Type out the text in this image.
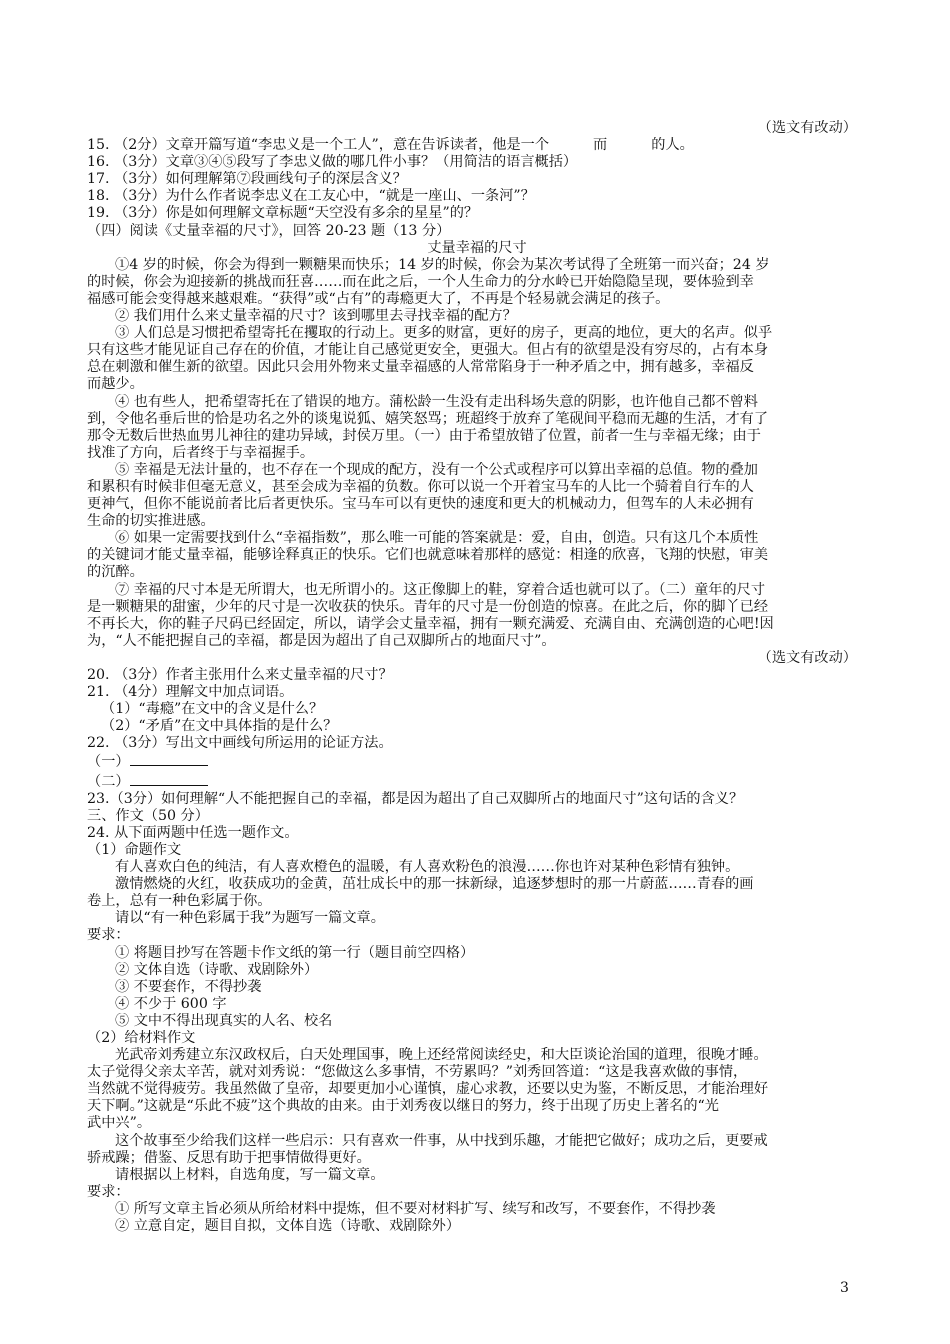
（选文有改动）
15. （2分）文章开篇写道“李忠义是一个工人”，意在告诉读者，他是一个	而	的人。
16. （3分）文章③④⑤段写了李忠义做的哪几件小事？（用简洁的语言概括）
17. （3分）如何理解第⑦段画线句子的深层含义？
18. （3分）为什么作者说李忠义在工友心中，“就是一座山、一条河”？
19. （3分）你是如何理解文章标题“天空没有多余的星星”的？
（四）阅读《丈量幸福的尺寸》，回答 20-23 题（13 分）
丈量幸福的尺寸
①4 岁的时候，你会为得到一颗糖果而快乐；14 岁的时候，你会为某次考试得了全班第一而兴奋；24 岁
的时候，你会为迎接新的挑战而狂喜……而在此之后，一个人生命力的分水岭已开始隐隐呈现，要体验到幸
福感可能会变得越来越艰难。“获得”或“占有”的毒瘾更大了，不再是个轻易就会满足的孩子。
② 我们用什么来丈量幸福的尺寸？该到哪里去寻找幸福的配方？
③ 人们总是习惯把希望寄托在攫取的行动上。更多的财富，更好的房子，更高的地位，更大的名声。似乎
只有这些才能见证自己存在的价值，才能让自己感觉更安全，更强大。但占有的欲望是没有穷尽的，占有本身
总在刺激和催生新的欲望。因此只会用外物来丈量幸福感的人常常陷身于一种矛盾之中，拥有越多，幸福反
而越少。
④ 也有些人，把希望寄托在了错误的地方。蒲松龄一生没有走出科场失意的阴影，也许他自己都不曾料
到，令他名垂后世的恰是功名之外的谈鬼说狐、嬉笑怒骂；班超终于放弃了笔砚间平稳而无趣的生活，才有了
那令无数后世热血男儿神往的建功异域，封侯万里。（一）由于希望放错了位置，前者一生与幸福无缘；由于
找准了方向，后者终于与幸福握手。
⑤ 幸福是无法计量的，也不存在一个现成的配方，没有一个公式或程序可以算出幸福的总值。物的叠加
和累积有时候非但毫无意义，甚至会成为幸福的负数。你可以说一个开着宝马车的人比一个骑着自行车的人
更神气，但你不能说前者比后者更快乐。宝马车可以有更快的速度和更大的机械动力，但驾车的人未必拥有
生命的切实推进感。
⑥ 如果一定需要找到什么“幸福指数”，那么唯一可能的答案就是：爱，自由，创造。只有这几个本质性
的关键词才能丈量幸福，能够诠释真正的快乐。它们也就意味着那样的感觉：相逢的欣喜，飞翔的快慰，审美
的沉醉。
⑦ 幸福的尺寸本是无所谓大，也无所谓小的。这正像脚上的鞋，穿着合适也就可以了。（二）童年的尺寸
是一颗糖果的甜蜜，少年的尺寸是一次收获的快乐。青年的尺寸是一份创造的惊喜。在此之后，你的脚丫已经
不再长大，你的鞋子尺码已经固定，所以，请学会丈量幸福，拥有一颗充满爱、充满自由、充满创造的心吧!因
为，“人不能把握自己的幸福，都是因为超出了自己双脚所占的地面尺寸”。
（选文有改动）
20. （3分）作者主张用什么来丈量幸福的尺寸？
21. （4分）理解文中加点词语。
（1）“毒瘾”在文中的含义是什么？
（2）“矛盾”在文中具体指的是什么？
22. （3分）写出文中画线句所运用的论证方法。
（一）
（二）
23.（3分）如何理解“人不能把握自己的幸福，都是因为超出了自己双脚所占的地面尺寸”这句话的含义？
三、作文（50 分）
24. 从下面两题中任选一题作文。
（1）命题作文
有人喜欢白色的纯洁，有人喜欢橙色的温暖，有人喜欢粉色的浪漫……你也许对某种色彩情有独钟。
激情燃烧的火红，收获成功的金黄，茁壮成长中的那一抹新绿，追逐梦想时的那一片蔚蓝……青春的画
卷上，总有一种色彩属于你。
请以“有一种色彩属于我”为题写一篇文章。
要求：
① 将题目抄写在答题卡作文纸的第一行（题目前空四格）
② 文体自选（诗歌、戏剧除外）
③ 不要套作，不得抄袭
④ 不少于 600 字
⑤ 文中不得出现真实的人名、校名
（2）给材料作文
光武帝刘秀建立东汉政权后，白天处理国事，晚上还经常阅读经史，和大臣谈论治国的道理，很晚才睡。
太子觉得父亲太辛苦，就对刘秀说：“您做这么多事情，不劳累吗？”刘秀回答道：“这是我喜欢做的事情，
当然就不觉得疲劳。我虽然做了皇帝，却要更加小心谨慎，虚心求教，还要以史为鉴，不断反思，才能治理好
天下啊。”这就是“乐此不疲”这个典故的由来。由于刘秀夜以继日的努力，终于出现了历史上著名的“光
武中兴”。
这个故事至少给我们这样一些启示：只有喜欢一件事，从中找到乐趣，才能把它做好；成功之后，更要戒
骄戒躁；借鉴、反思有助于把事情做得更好。
请根据以上材料，自选角度，写一篇文章。
要求：
① 所写文章主旨必须从所给材料中提炼，但不要对材料扩写、续写和改写，不要套作，不得抄袭
② 立意自定，题目自拟，文体自选（诗歌、戏剧除外）
3
